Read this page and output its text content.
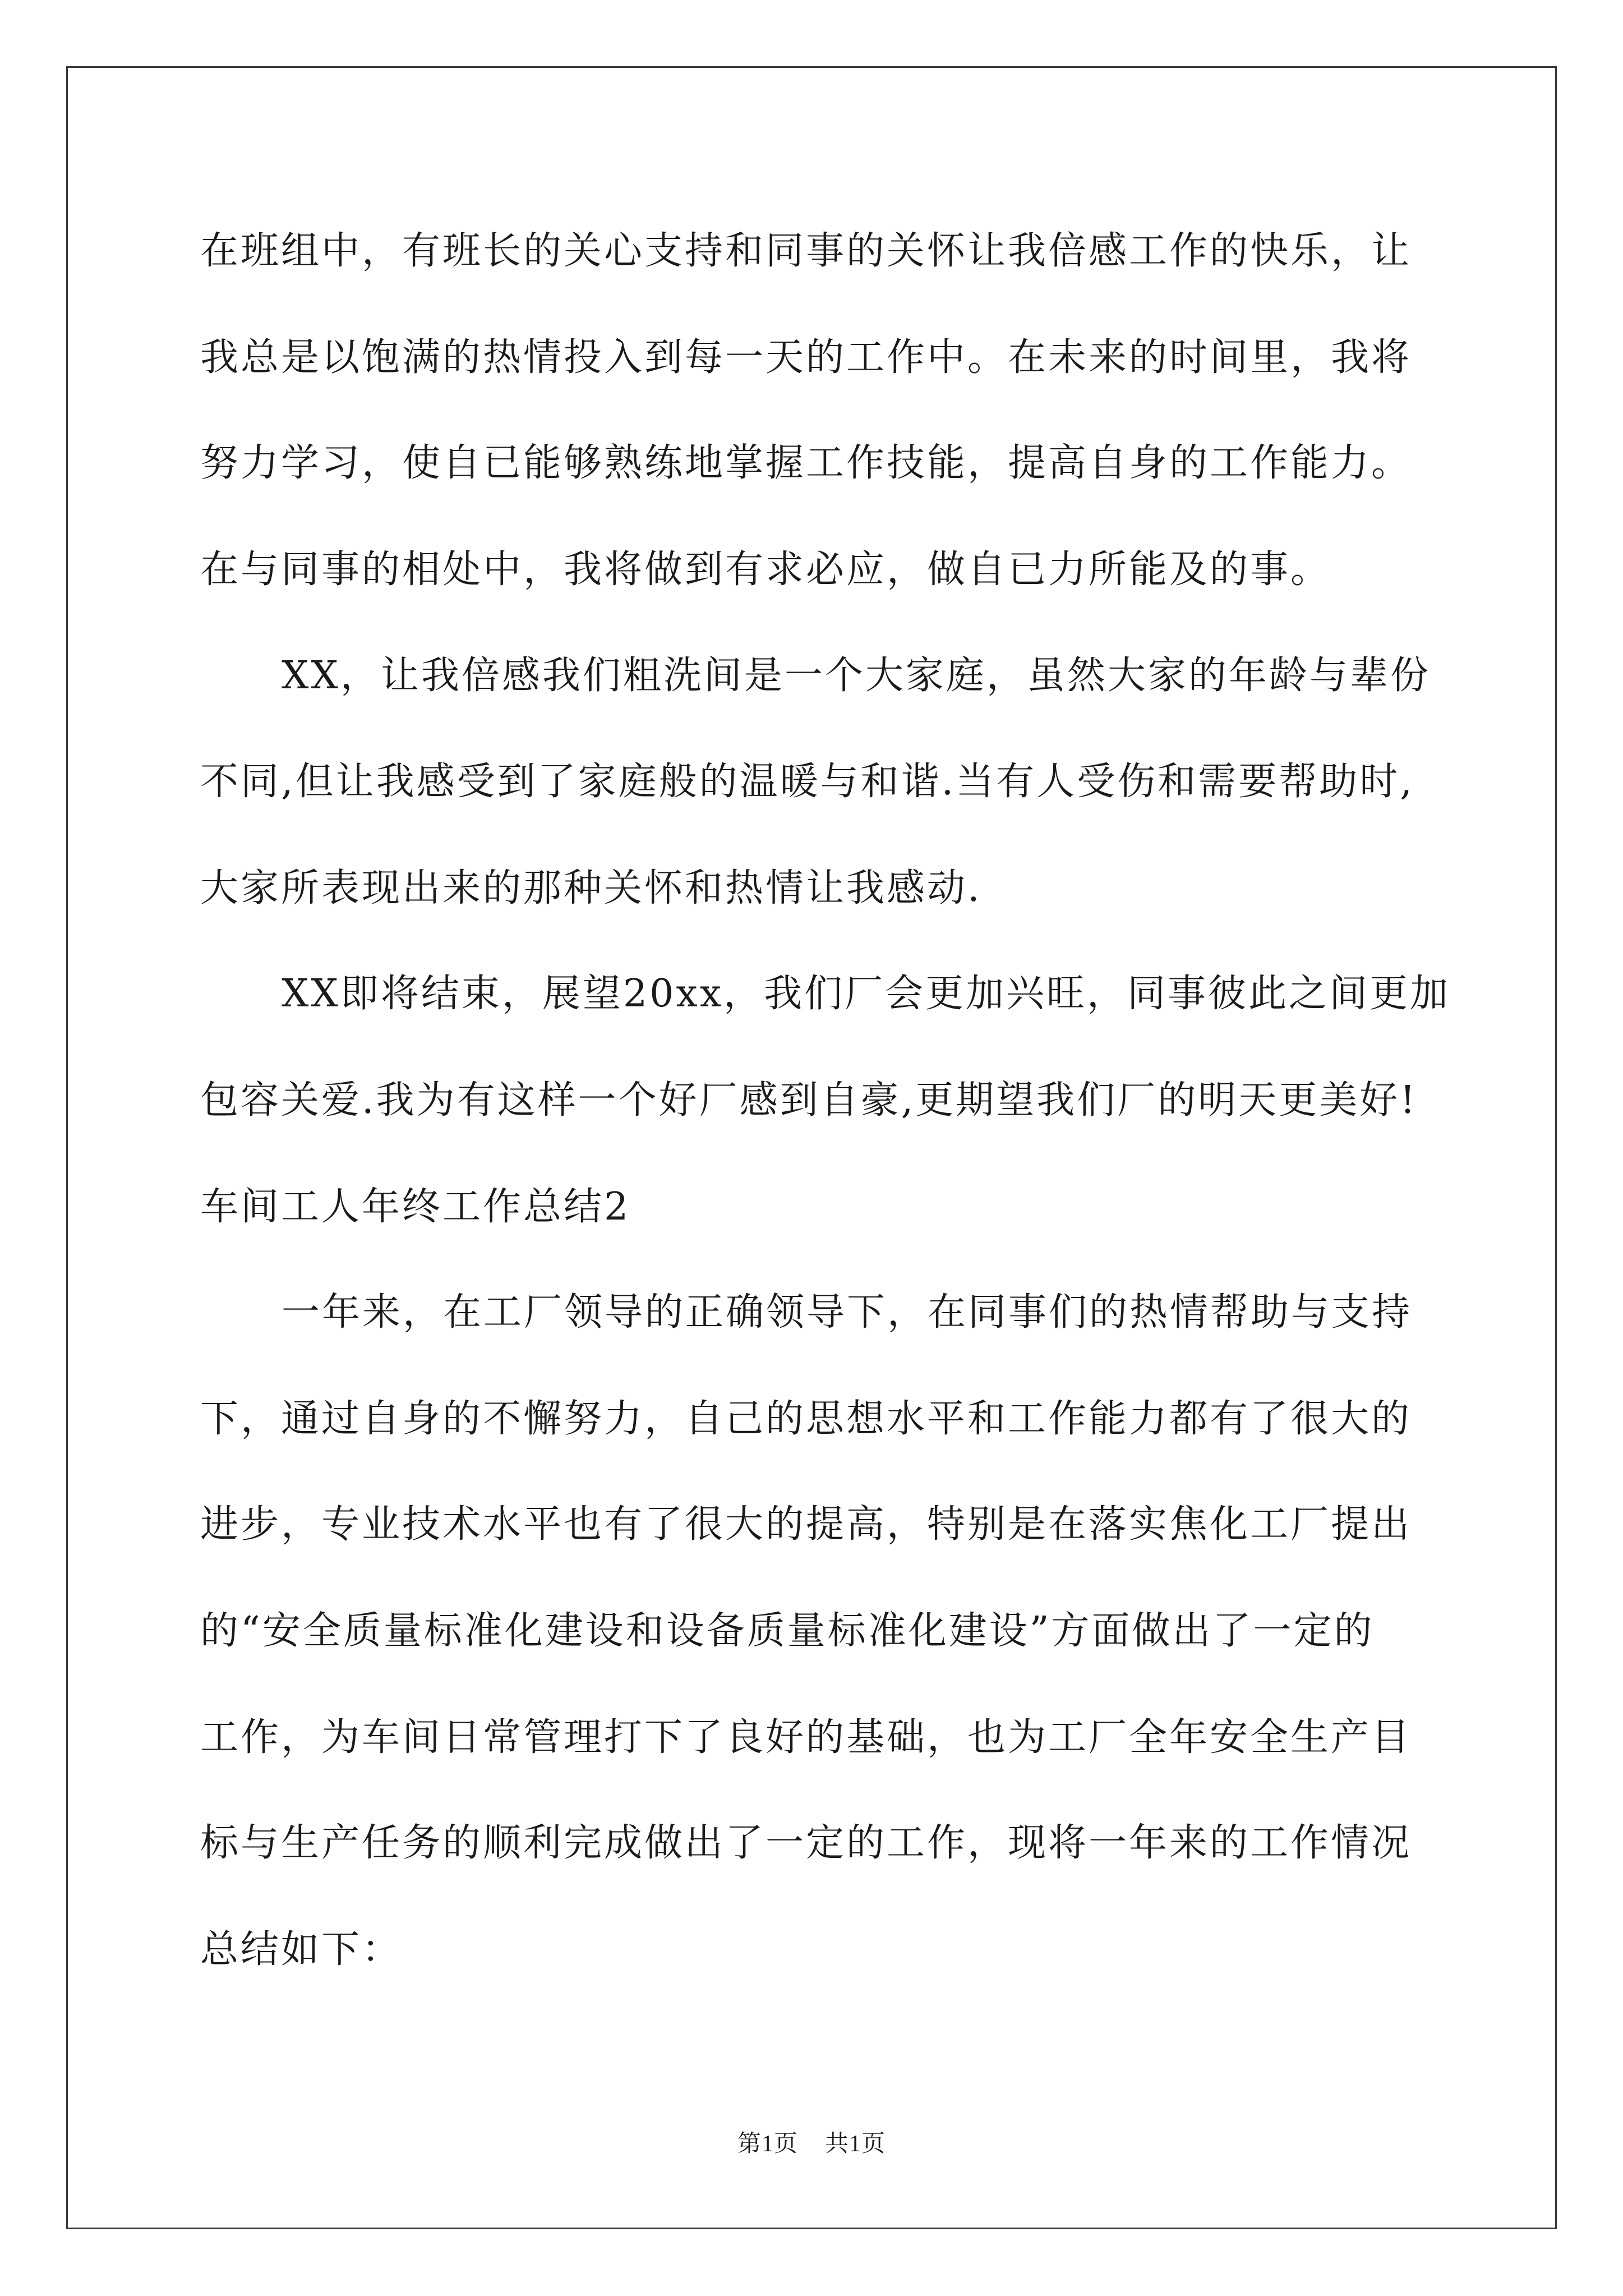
在班组中，有班长的关心支持和同事的关怀让我倍感工作的快乐，让
我总是以饱满的热情投入到每一天的工作中。在未来的时间里，我将
努力学习，使自已能够熟练地掌握工作技能，提高自身的工作能力。
在与同事的相处中，我将做到有求必应，做自已力所能及的事。
XX，让我倍感我们粗洗间是一个大家庭，虽然大家的年龄与辈份
不同,但让我感受到了家庭般的温暖与和谐.当有人受伤和需要帮助时,
大家所表现出来的那种关怀和热情让我感动.
XX即将结束，展望20xx，我们厂会更加兴旺，同事彼此之间更加
包容关爱.我为有这样一个好厂感到自豪,更期望我们厂的明天更美好!
车间工人年终工作总结2
一年来，在工厂领导的正确领导下，在同事们的热情帮助与支持
下，通过自身的不懈努力，自己的思想水平和工作能力都有了很大的
进步，专业技术水平也有了很大的提高，特别是在落实焦化工厂提出
的“安全质量标准化建设和设备质量标准化建设”方面做出了一定的
工作，为车间日常管理打下了良好的基础，也为工厂全年安全生产目
标与生产任务的顺利完成做出了一定的工作，现将一年来的工作情况
总结如下：
第1页 共1页
